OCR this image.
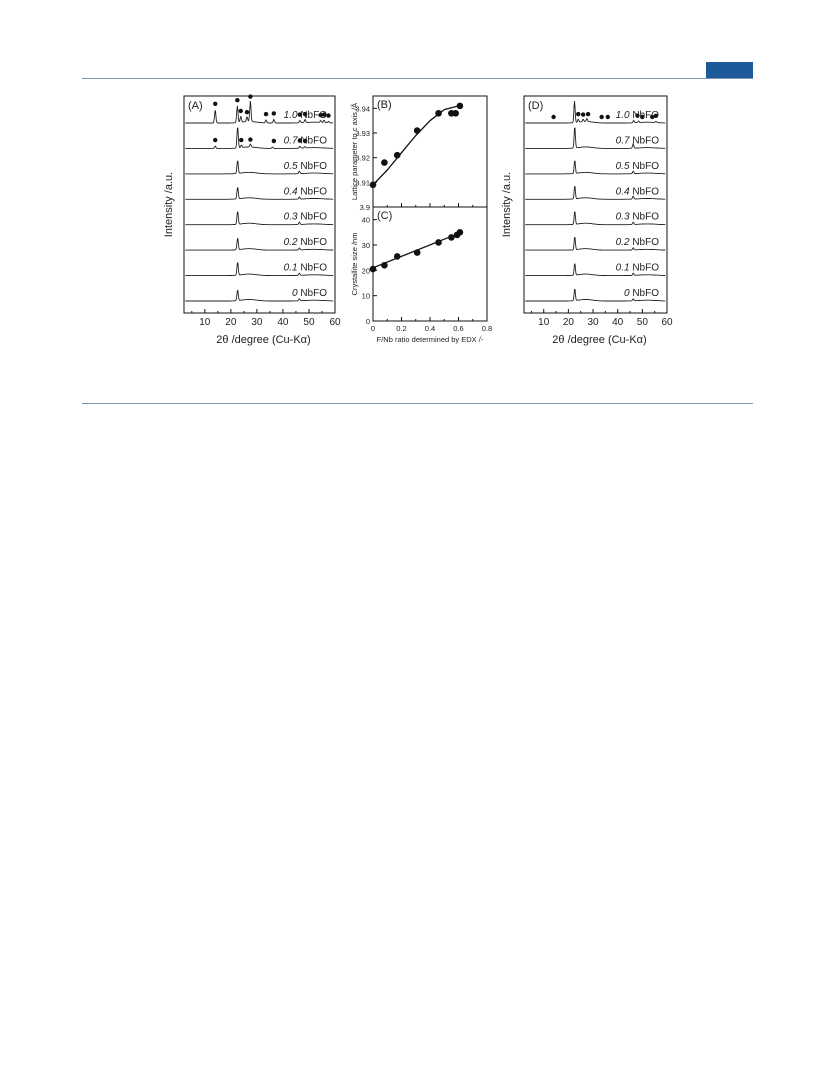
10 20 30 40 50 60
2θ /degree (Cu-Kα)
Intensity /a.u.
(A)
1.0 NbFO
0.7 NbFO
0.5 NbFO
0.4 NbFO
0.3 NbFO
0.2 NbFO
0.1 NbFO
0 NbFO
10 20 30 40 50 60
2θ /degree (Cu-Kα)
Intensity /a.u.
(D)
1.0 NbFO
0.7 NbFO
0.5 NbFO
0.4 NbFO
0.3 NbFO
0.2 NbFO
0.1 NbFO
0 NbFO
3.9
3.91
3.92
3.93
3.94
Lattice parameter to c axis /Å (B)
0
10
20
30
40
0	0.2 0.4 0.6 0.8
F/Nb ratio determined by EDX /-
Crystallite size /nm
(C)
